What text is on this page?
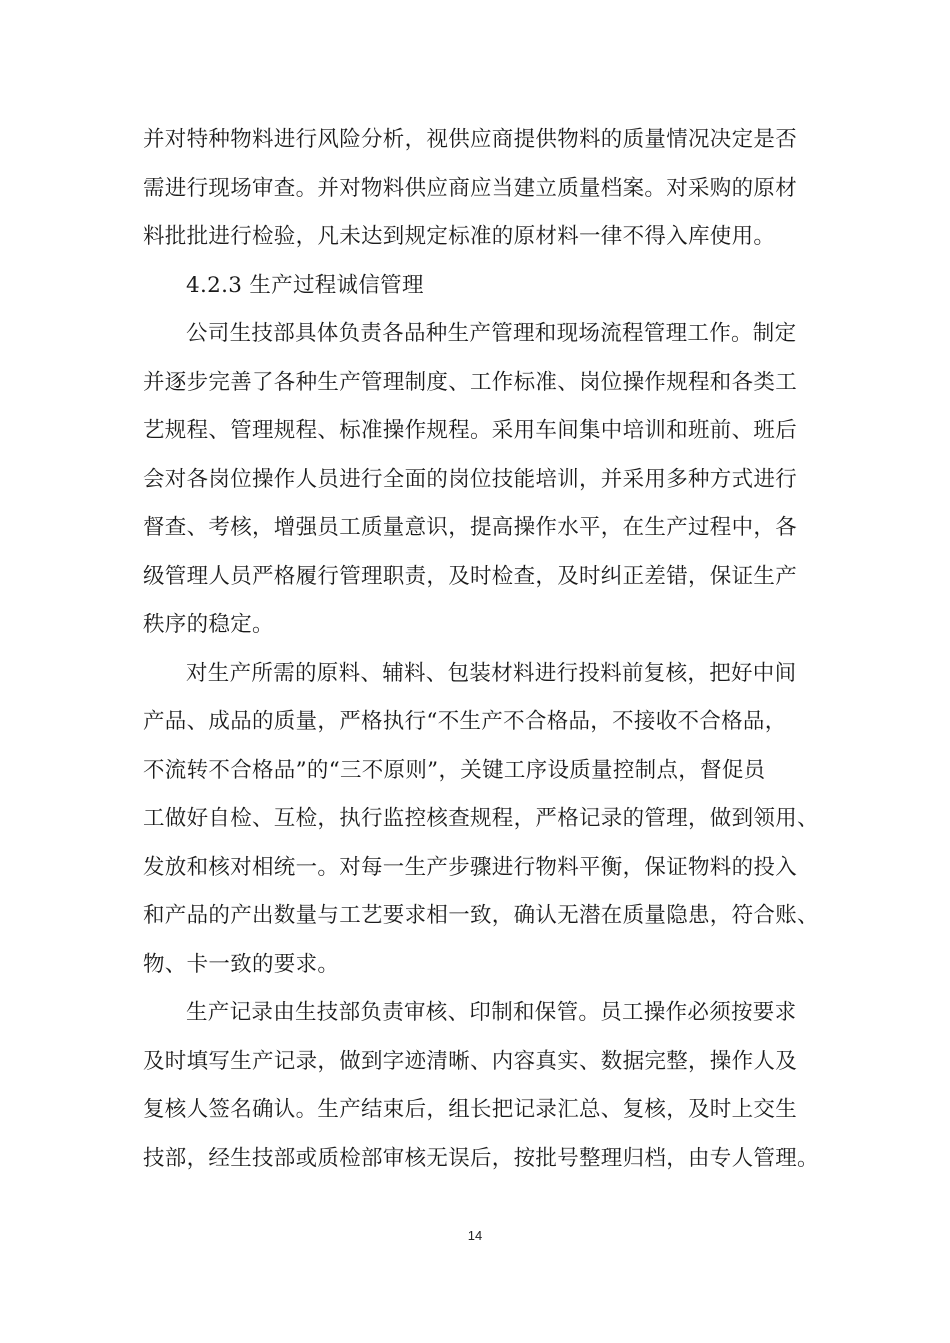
并对特种物料进行风险分析，视供应商提供物料的质量情况决定是否
需进行现场审查。并对物料供应商应当建立质量档案。对采购的原材
料批批进行检验，凡未达到规定标准的原材料一律不得入库使用。
4.2.3 生产过程诚信管理
公司生技部具体负责各品种生产管理和现场流程管理工作。制定
并逐步完善了各种生产管理制度、工作标准、岗位操作规程和各类工
艺规程、管理规程、标准操作规程。采用车间集中培训和班前、班后
会对各岗位操作人员进行全面的岗位技能培训，并采用多种方式进行
督查、考核，增强员工质量意识，提高操作水平，在生产过程中，各
级管理人员严格履行管理职责，及时检查，及时纠正差错，保证生产
秩序的稳定。
对生产所需的原料、辅料、包装材料进行投料前复核，把好中间
产品、成品的质量，严格执行“不生产不合格品，不接收不合格品，
不流转不合格品”的“三不原则”，关键工序设质量控制点，督促员
工做好自检、互检，执行监控核查规程，严格记录的管理，做到领用、
发放和核对相统一。对每一生产步骤进行物料平衡，保证物料的投入
和产品的产出数量与工艺要求相一致，确认无潜在质量隐患，符合账、
物、卡一致的要求。
生产记录由生技部负责审核、印制和保管。员工操作必须按要求
及时填写生产记录，做到字迹清晰、内容真实、数据完整，操作人及
复核人签名确认。生产结束后，组长把记录汇总、复核，及时上交生
技部，经生技部或质检部审核无误后，按批号整理归档，由专人管理。
14
